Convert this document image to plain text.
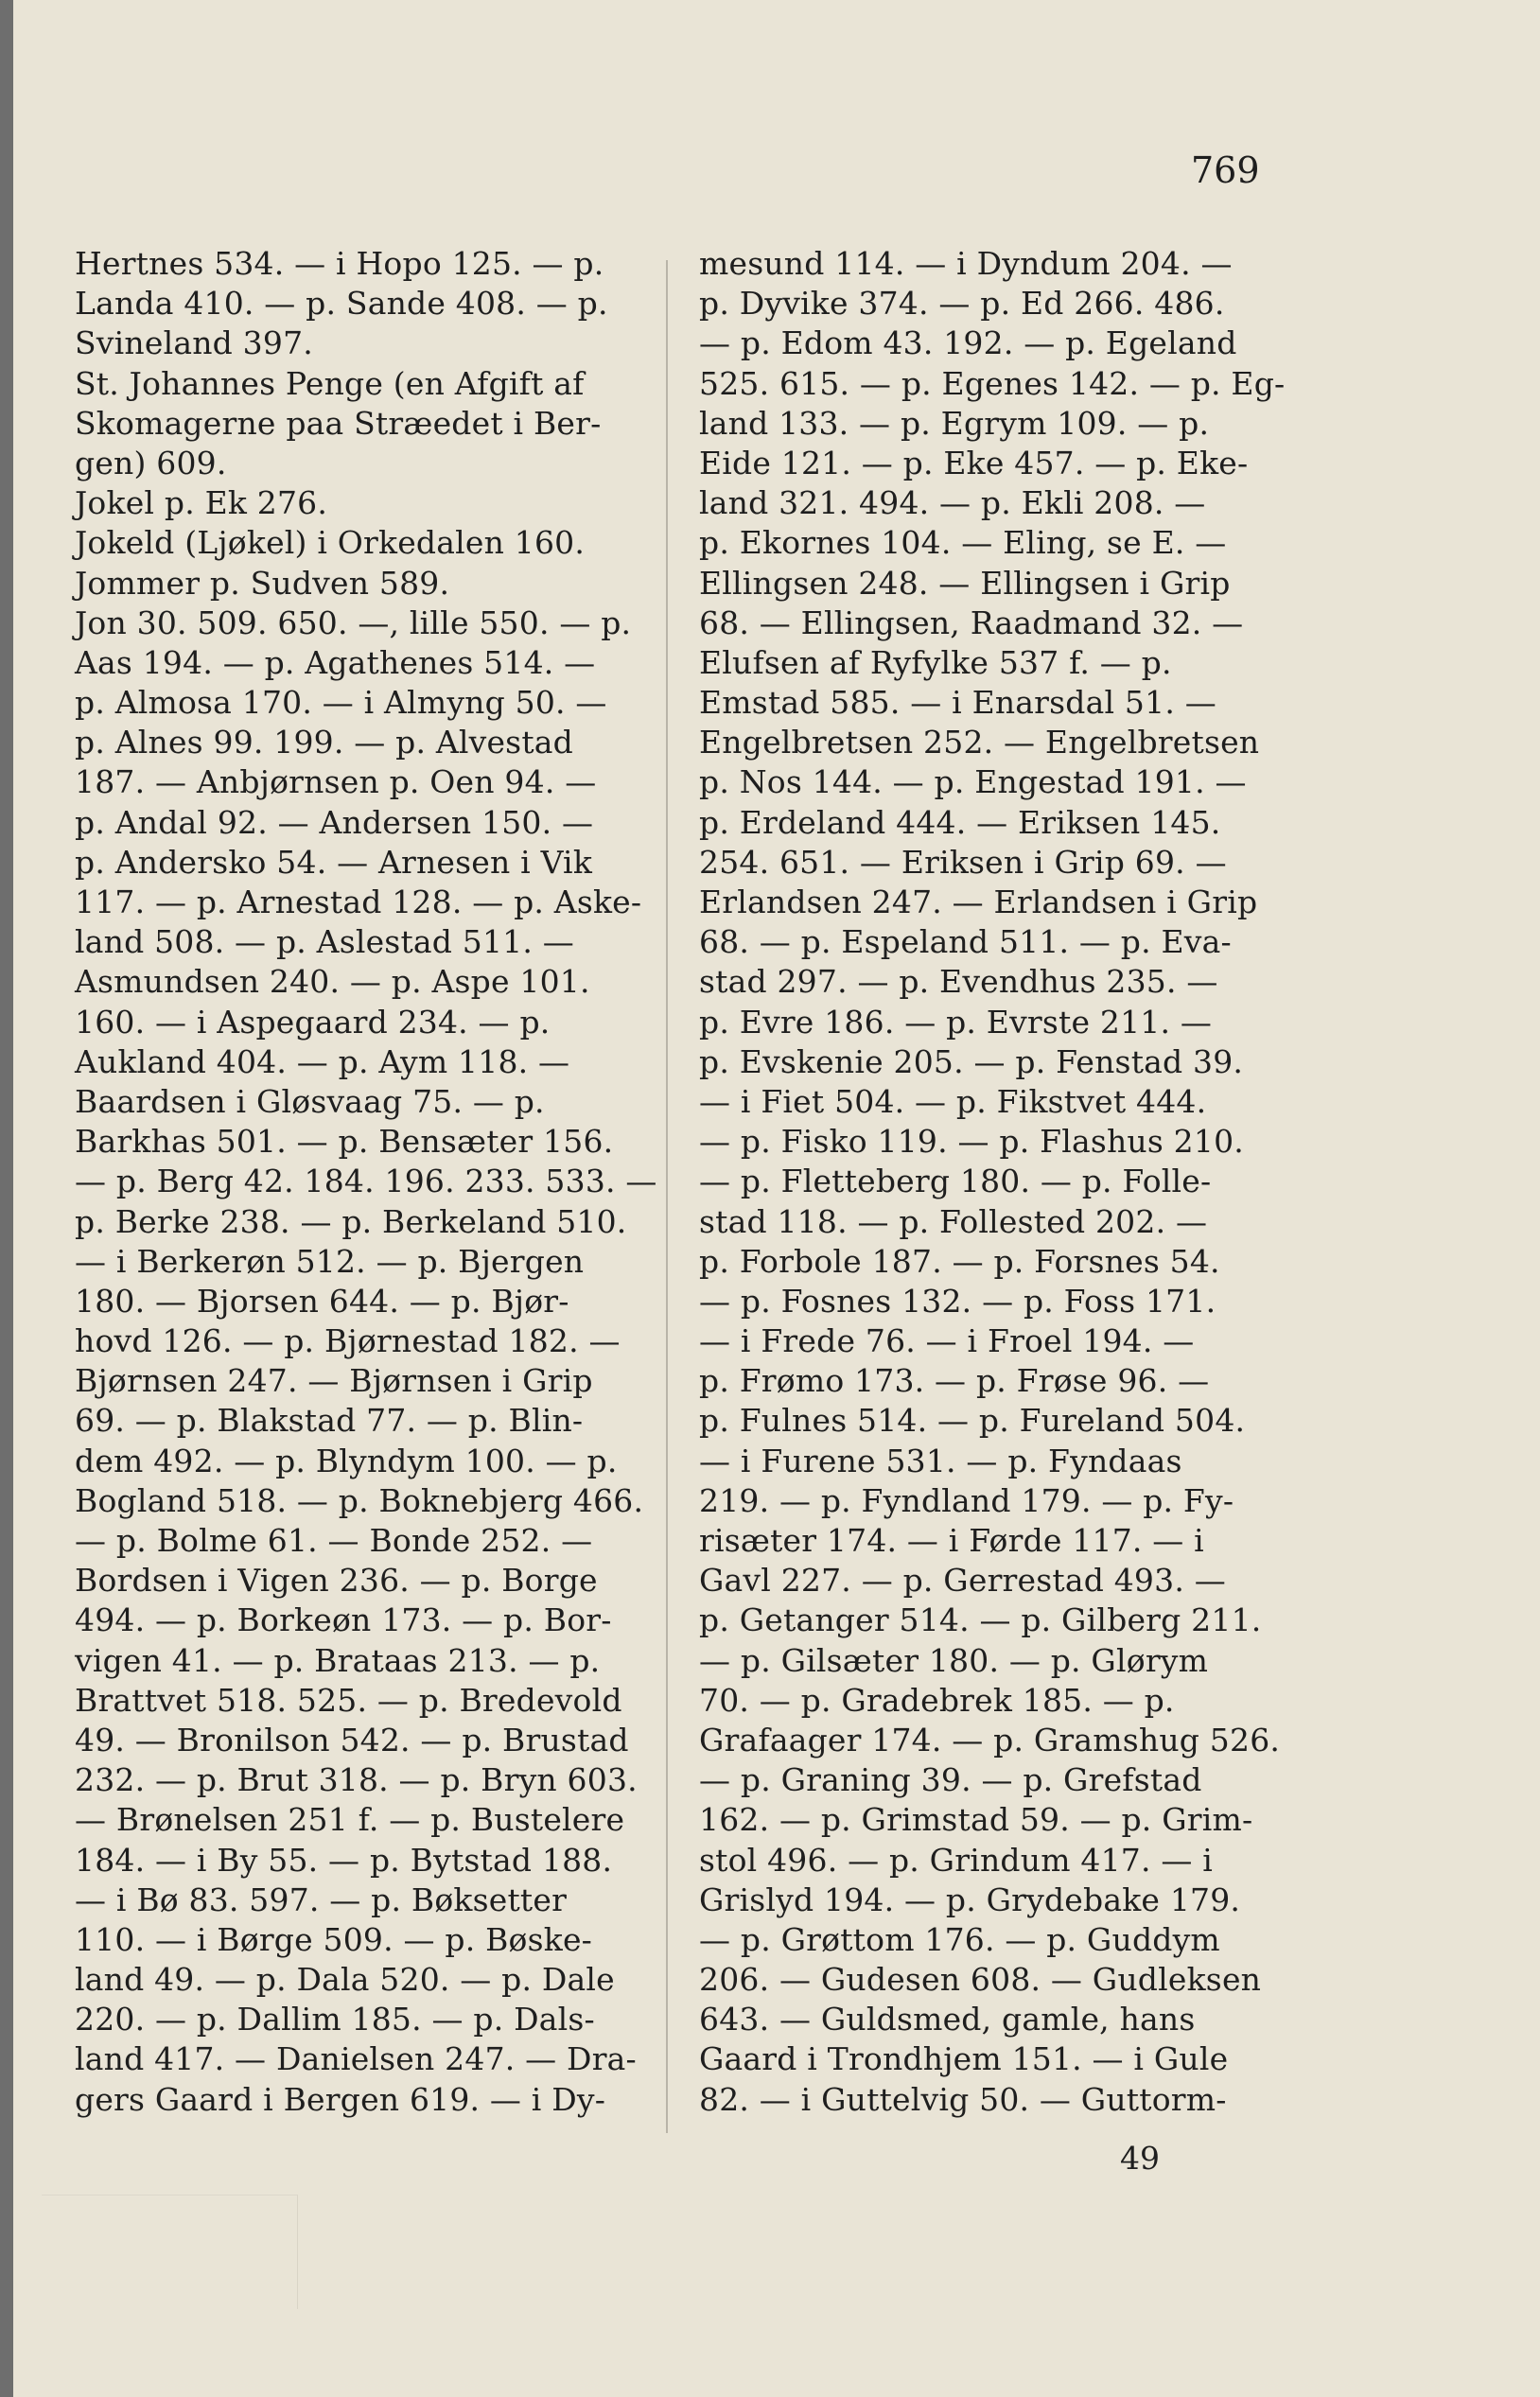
769
Hertnes 534. — i Hopo 125. — p.
Landa 410. — p. Sande 408. — p.
Svineland 397.
St. Johannes Penge (en Afgift af
Skomagerne paa Stræedet i Ber-
gen) 609.
Jokel p. Ek 276.
Jokeld (Ljøkel) i Orkedalen 160.
Jommer p. Sudven 589.
Jon 30. 509. 650. —, lille 550. — p.
Aas 194. — p. Agathenes 514. —
p. Almosa 170. — i Almyng 50. —
p. Alnes 99. 199. — p. Alvestad
187. — Anbjørnsen p. Oen 94. —
p. Andal 92. — Andersen 150. —
p. Andersko 54. — Arnesen i Vik
117. — p. Arnestad 128. — p. Aske-
land 508. — p. Aslestad 511. —
Asmundsen 240. — p. Aspe 101.
160. — i Aspegaard 234. — p.
Aukland 404. — p. Aym 118. —
Baardsen i Gløsvaag 75. — p.
Barkhas 501. — p. Bensæter 156.
— p. Berg 42. 184. 196. 233. 533. —
p. Berke 238. — p. Berkeland 510.
— i Berkerøn 512. — p. Bjergen
180. — Bjorsen 644. — p. Bjør-
hovd 126. — p. Bjørnestad 182. —
Bjørnsen 247. — Bjørnsen i Grip
69. — p. Blakstad 77. — p. Blin-
dem 492. — p. Blyndym 100. — p.
Bogland 518. — p. Boknebjerg 466.
— p. Bolme 61. — Bonde 252. —
Bordsen i Vigen 236. — p. Borge
494. — p. Borkeøn 173. — p. Bor-
vigen 41. — p. Brataas 213. — p.
Brattvet 518. 525. — p. Bredevold
49. — Bronilson 542. — p. Brustad
232. — p. Brut 318. — p. Bryn 603.
— Brønelsen 251 f. — p. Bustelere
184. — i By 55. — p. Bytstad 188.
— i Bø 83. 597. — p. Bøksetter
110. — i Børge 509. — p. Bøske-
land 49. — p. Dala 520. — p. Dale
220. — p. Dallim 185. — p. Dals-
land 417. — Danielsen 247. — Dra-
gers Gaard i Bergen 619. — i Dy-
mesund 114. — i Dyndum 204. —
p. Dyvike 374. — p. Ed 266. 486.
— p. Edom 43. 192. — p. Egeland
525. 615. — p. Egenes 142. — p. Eg-
land 133. — p. Egrym 109. — p.
Eide 121. — p. Eke 457. — p. Eke-
land 321. 494. — p. Ekli 208. —
p. Ekornes 104. — Eling, se E. —
Ellingsen 248. — Ellingsen i Grip
68. — Ellingsen, Raadmand 32. —
Elufsen af Ryfylke 537 f. — p.
Emstad 585. — i Enarsdal 51. —
Engelbretsen 252. — Engelbretsen
p. Nos 144. — p. Engestad 191. —
p. Erdeland 444. — Eriksen 145.
254. 651. — Eriksen i Grip 69. —
Erlandsen 247. — Erlandsen i Grip
68. — p. Espeland 511. — p. Eva-
stad 297. — p. Evendhus 235. —
p. Evre 186. — p. Evrste 211. —
p. Evskenie 205. — p. Fenstad 39.
— i Fiet 504. — p. Fikstvet 444.
— p. Fisko 119. — p. Flashus 210.
— p. Fletteberg 180. — p. Folle-
stad 118. — p. Follested 202. —
p. Forbole 187. — p. Forsnes 54.
— p. Fosnes 132. — p. Foss 171.
— i Frede 76. — i Froel 194. —
p. Frømo 173. — p. Frøse 96. —
p. Fulnes 514. — p. Fureland 504.
— i Furene 531. — p. Fyndaas
219. — p. Fyndland 179. — p. Fy-
risæter 174. — i Førde 117. — i
Gavl 227. — p. Gerrestad 493. —
p. Getanger 514. — p. Gilberg 211.
— p. Gilsæter 180. — p. Glørym
70. — p. Gradebrek 185. — p.
Grafaager 174. — p. Gramshug 526.
— p. Graning 39. — p. Grefstad
162. — p. Grimstad 59. — p. Grim-
stol 496. — p. Grindum 417. — i
Grislyd 194. — p. Grydebake 179.
— p. Grøttom 176. — p. Guddym
206. — Gudesen 608. — Gudleksen
643. — Guldsmed, gamle, hans
Gaard i Trondhjem 151. — i Gule
82. — i Guttelvig 50. — Guttorm-
49
